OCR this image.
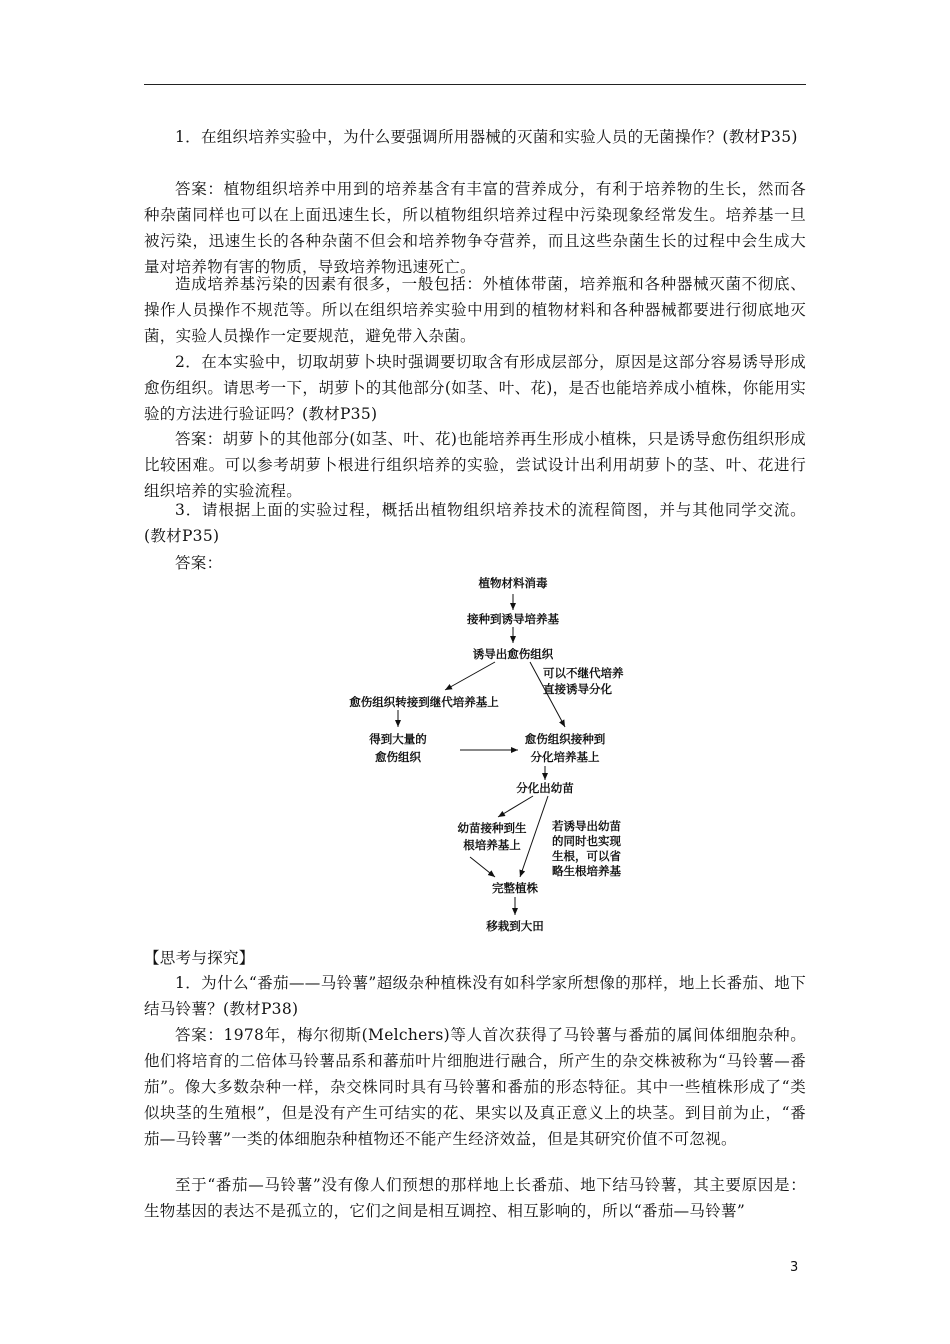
1．在组织培养实验中，为什么要强调所用器械的灭菌和实验人员的无菌操作？(教材P35)
答案：植物组织培养中用到的培养基含有丰富的营养成分，有利于培养物的生长，然而各种杂菌同样也可以在上面迅速生长，所以植物组织培养过程中污染现象经常发生。培养基一旦被污染，迅速生长的各种杂菌不但会和培养物争夺营养，而且这些杂菌生长的过程中会生成大量对培养物有害的物质，导致培养物迅速死亡。
造成培养基污染的因素有很多，一般包括：外植体带菌，培养瓶和各种器械灭菌不彻底、操作人员操作不规范等。所以在组织培养实验中用到的植物材料和各种器械都要进行彻底地灭菌，实验人员操作一定要规范，避免带入杂菌。
2．在本实验中，切取胡萝卜块时强调要切取含有形成层部分，原因是这部分容易诱导形成愈伤组织。请思考一下，胡萝卜的其他部分(如茎、叶、花)，是否也能培养成小植株，你能用实验的方法进行验证吗？(教材P35)
答案：胡萝卜的其他部分(如茎、叶、花)也能培养再生形成小植株，只是诱导愈伤组织形成比较困难。可以参考胡萝卜根进行组织培养的实验，尝试设计出利用胡萝卜的茎、叶、花进行组织培养的实验流程。
3．请根据上面的实验过程，概括出植物组织培养技术的流程简图，并与其他同学交流。(教材P35)
答案：
植物材料消毒
接种到诱导培养基
诱导出愈伤组织
可以不继代培养
直接诱导分化
愈伤组织转接到继代培养基上
得到大量的
愈伤组织
愈伤组织接种到
分化培养基上
分化出幼苗
幼苗接种到生
根培养基上
若诱导出幼苗
的同时也实现
生根，可以省
略生根培养基
完整植株
移栽到大田
【思考与探究】
1．为什么“番茄——马铃薯”超级杂种植株没有如科学家所想像的那样，地上长番茄、地下结马铃薯？(教材P38)
答案：1978年，梅尔彻斯(Melchers)等人首次获得了马铃薯与番茄的属间体细胞杂种。他们将培育的二倍体马铃薯品系和蕃茄叶片细胞进行融合，所产生的杂交株被称为“马铃薯—番茄”。像大多数杂种一样，杂交株同时具有马铃薯和番茄的形态特征。其中一些植株形成了“类似块茎的生殖根”，但是没有产生可结实的花、果实以及真正意义上的块茎。到目前为止，“番茄—马铃薯”一类的体细胞杂种植物还不能产生经济效益，但是其研究价值不可忽视。
至于“番茄—马铃薯”没有像人们预想的那样地上长番茄、地下结马铃薯，其主要原因是：生物基因的表达不是孤立的，它们之间是相互调控、相互影响的，所以“番茄—马铃薯”
3
